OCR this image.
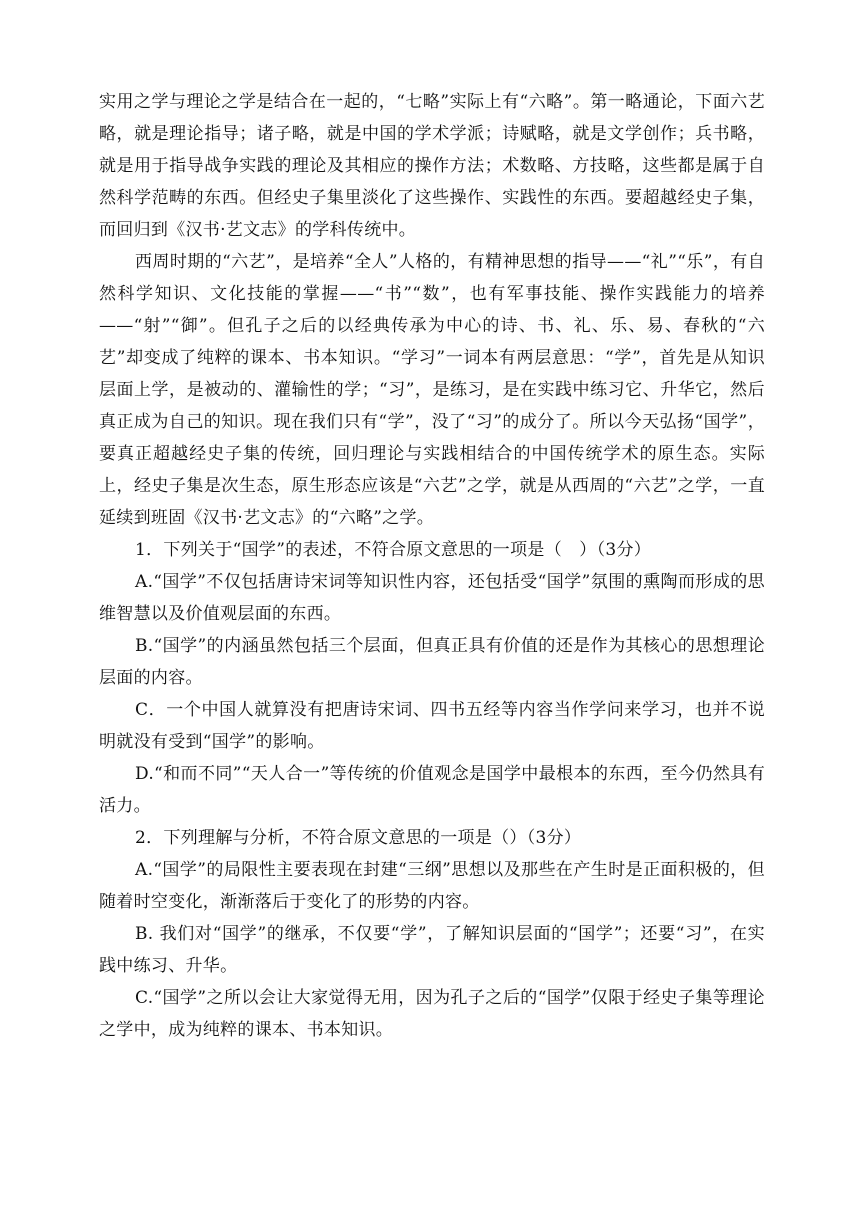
实用之学与理论之学是结合在一起的，“七略”实际上有“六略”。第一略通论，下面六艺略，就是理论指导；诸子略，就是中国的学术学派；诗赋略，就是文学创作；兵书略，就是用于指导战争实践的理论及其相应的操作方法；术数略、方技略，这些都是属于自然科学范畴的东西。但经史子集里淡化了这些操作、实践性的东西。要超越经史子集，而回归到《汉书·艺文志》的学科传统中。

西周时期的“六艺”，是培养“全人”人格的，有精神思想的指导——“礼”“乐”，有自然科学知识、文化技能的掌握——“书”“数”，也有军事技能、操作实践能力的培养——“射”“御”。但孔子之后的以经典传承为中心的诗、书、礼、乐、易、春秋的“六艺”却变成了纯粹的课本、书本知识。“学习”一词本有两层意思：“学”，首先是从知识层面上学，是被动的、灌输性的学；“习”，是练习，是在实践中练习它、升华它，然后真正成为自己的知识。现在我们只有“学”，没了“习”的成分了。所以今天弘扬“国学”，要真正超越经史子集的传统，回归理论与实践相结合的中国传统学术的原生态。实际上，经史子集是次生态，原生形态应该是“六艺”之学，就是从西周的“六艺”之学，一直延续到班固《汉书·艺文志》的“六略”之学。

1．下列关于“国学”的表述，不符合原文意思的一项是（　）（3分）

A.“国学”不仅包括唐诗宋词等知识性内容，还包括受“国学”氛围的熏陶而形成的思维智慧以及价值观层面的东西。

B.“国学”的内涵虽然包括三个层面，但真正具有价值的还是作为其核心的思想理论层面的内容。

C．一个中国人就算没有把唐诗宋词、四书五经等内容当作学问来学习，也并不说明就没有受到“国学”的影响。

D.“和而不同”“天人合一”等传统的价值观念是国学中最根本的东西，至今仍然具有活力。

2．下列理解与分析，不符合原文意思的一项是（）（3分）

A.“国学”的局限性主要表现在封建“三纲”思想以及那些在产生时是正面积极的，但随着时空变化，渐渐落后于变化了的形势的内容。

B. 我们对“国学”的继承，不仅要“学”，了解知识层面的“国学”；还要“习”，在实践中练习、升华。

C.“国学”之所以会让大家觉得无用，因为孔子之后的“国学”仅限于经史子集等理论之学中，成为纯粹的课本、书本知识。
